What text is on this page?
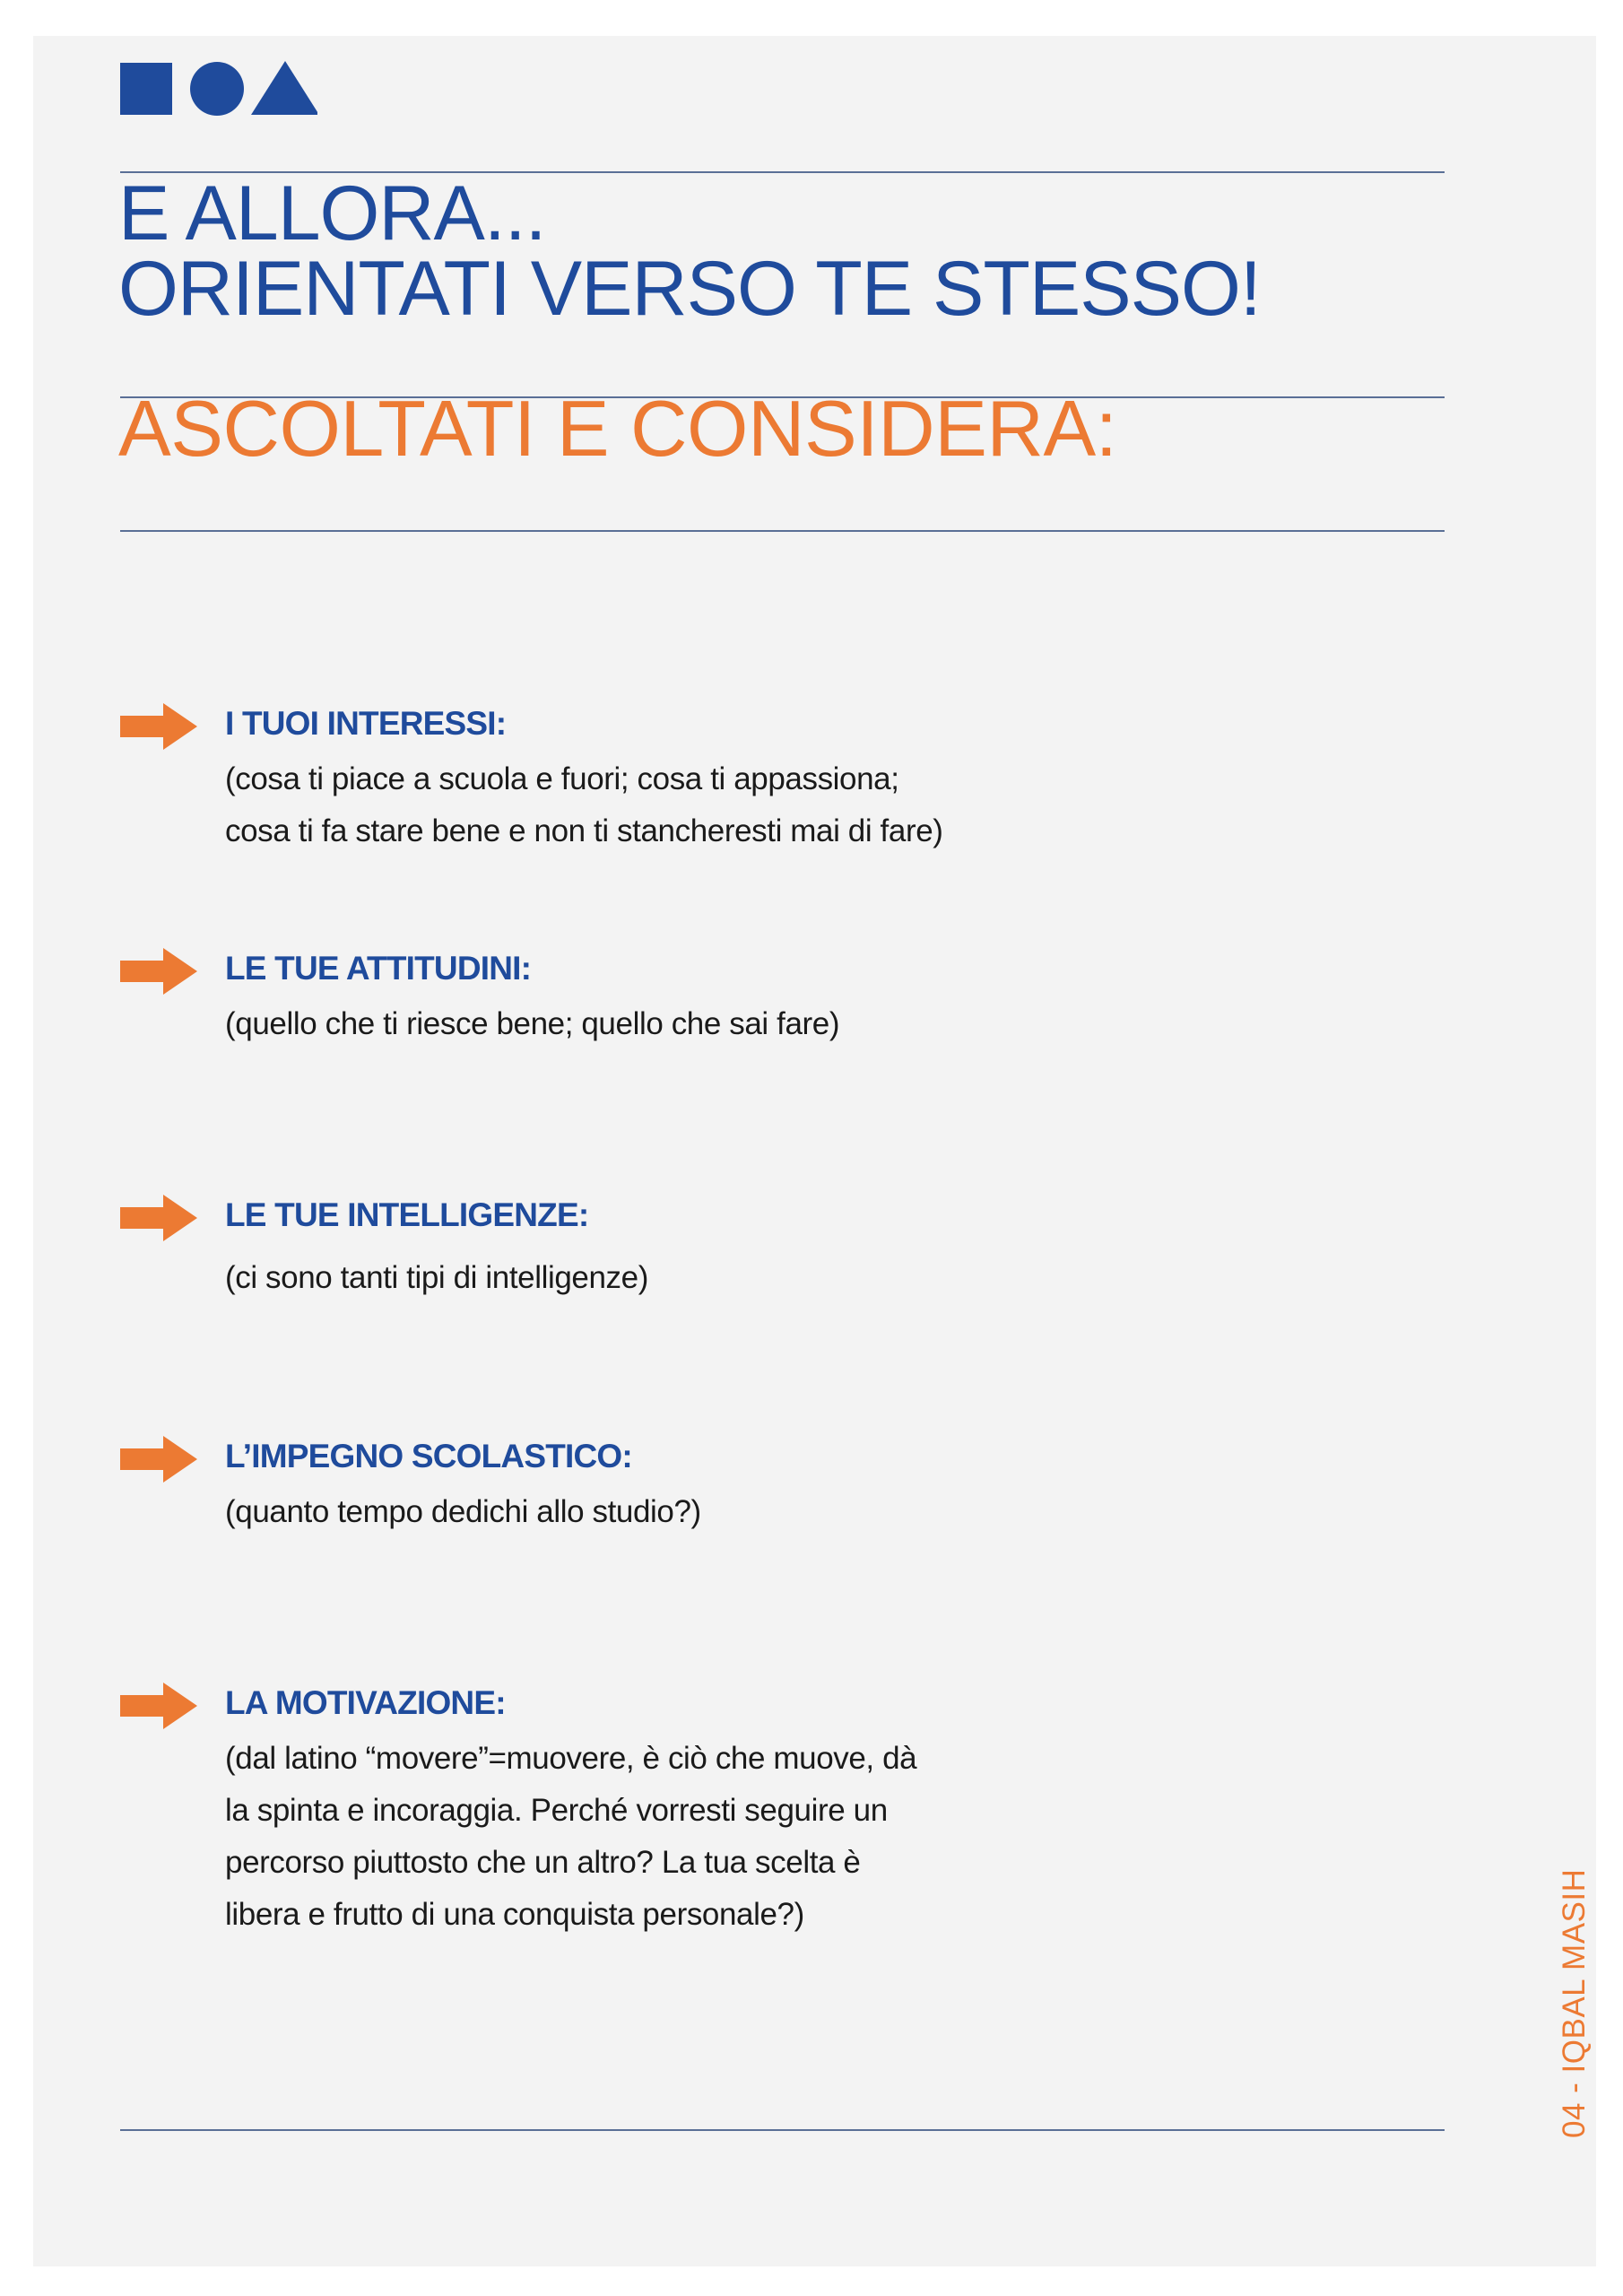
E ALLORA...
ORIENTATI VERSO TE STESSO!
ASCOLTATI E CONSIDERA:
I TUOI INTERESSI:

(cosa ti piace a scuola e fuori; cosa ti appassiona;
cosa ti fa stare bene e non ti stancheresti mai di fare)

LE TUE ATTITUDINI:

(quello che ti riesce bene; quello che sai fare)

LE TUE INTELLIGENZE:

(ci sono tanti tipi di intelligenze)

L’IMPEGNO SCOLASTICO:

(quanto tempo dedichi allo studio?)

LA MOTIVAZIONE:

(dal latino “movere”=muovere, è ciò che muove, dà
la spinta e incoraggia. Perché vorresti seguire un
percorso piuttosto che un altro? La tua scelta è
libera e frutto di una conquista personale?)	04 - IQBAL MASIH
